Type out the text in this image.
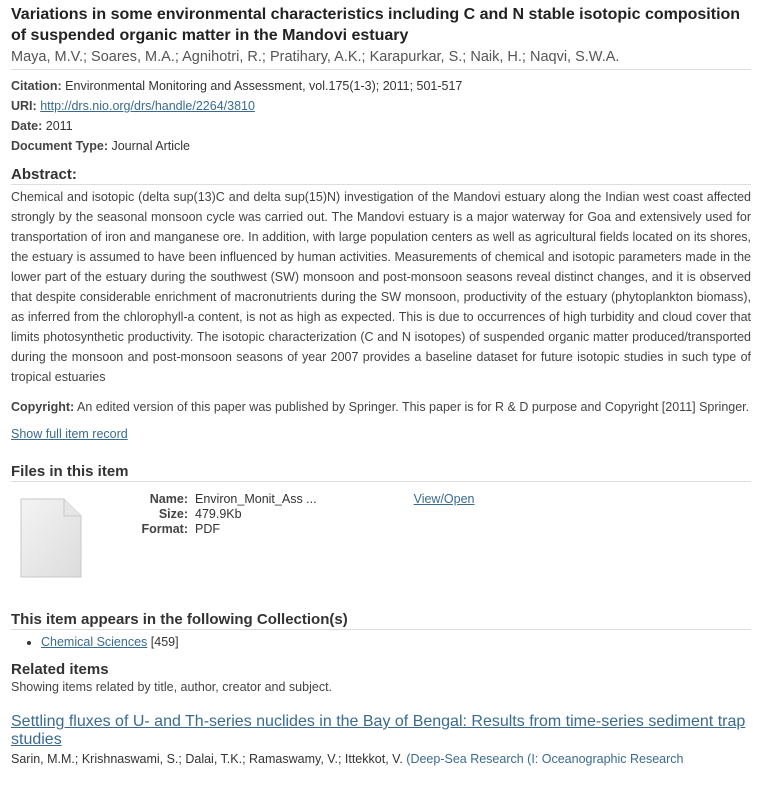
Variations in some environmental characteristics including C and N stable isotopic composition of suspended organic matter in the Mandovi estuary
Maya, M.V.; Soares, M.A.; Agnihotri, R.; Pratihary, A.K.; Karapurkar, S.; Naik, H.; Naqvi, S.W.A.
Citation: Environmental Monitoring and Assessment, vol.175(1-3); 2011; 501-517
URI: http://drs.nio.org/drs/handle/2264/3810
Date: 2011
Document Type: Journal Article
Abstract:
Chemical and isotopic (delta sup(13)C and delta sup(15)N) investigation of the Mandovi estuary along the Indian west coast affected strongly by the seasonal monsoon cycle was carried out. The Mandovi estuary is a major waterway for Goa and extensively used for transportation of iron and manganese ore. In addition, with large population centers as well as agricultural fields located on its shores, the estuary is assumed to have been influenced by human activities. Measurements of chemical and isotopic parameters made in the lower part of the estuary during the southwest (SW) monsoon and post-monsoon seasons reveal distinct changes, and it is observed that despite considerable enrichment of macronutrients during the SW monsoon, productivity of the estuary (phytoplankton biomass), as inferred from the chlorophyll-a content, is not as high as expected. This is due to occurrences of high turbidity and cloud cover that limits photosynthetic productivity. The isotopic characterization (C and N isotopes) of suspended organic matter produced/transported during the monsoon and post-monsoon seasons of year 2007 provides a baseline dataset for future isotopic studies in such type of tropical estuaries
Copyright: An edited version of this paper was published by Springer. This paper is for R & D purpose and Copyright [2011] Springer.
Show full item record
Files in this item
Name: Environ_Monit_Ass ...
Size: 479.9Kb
Format: PDF
View/Open
This item appears in the following Collection(s)
• Chemical Sciences [459]
Related items
Showing items related by title, author, creator and subject.
Settling fluxes of U- and Th-series nuclides in the Bay of Bengal: Results from time-series sediment trap studies
Sarin, M.M.; Krishnaswami, S.; Dalai, T.K.; Ramaswamy, V.; Ittekkot, V. (Deep-Sea Research (I: Oceanographic Research
